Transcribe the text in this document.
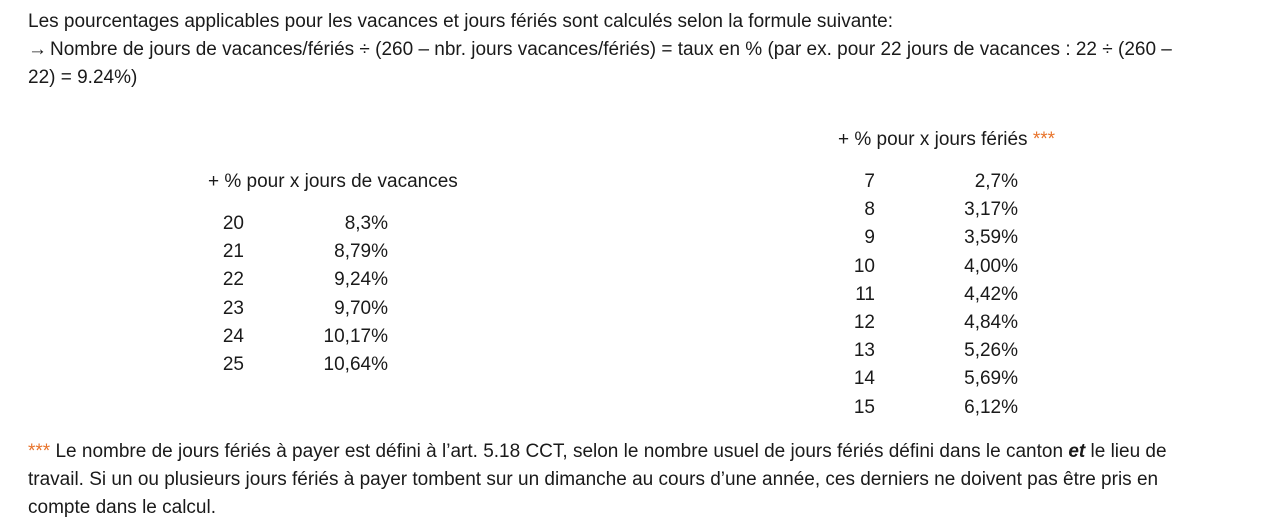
Les pourcentages applicables pour les vacances et jours fériés sont calculés selon la formule suivante:
→ Nombre de jours de vacances/fériés ÷ (260 – nbr. jours vacances/fériés) = taux en % (par ex. pour 22 jours de vacances : 22 ÷ (260 –
22) = 9.24%)
+ % pour x jours fériés ***
+ % pour x jours de vacances
20	8,3%
21	8,79%
22	9,24%
23	9,70%
24	10,17%
25	10,64%
7	2,7%
8	3,17%
9	3,59%
10	4,00%
11	4,42%
12	4,84%
13	5,26%
14	5,69%
15	6,12%
*** Le nombre de jours fériés à payer est défini à l’art. 5.18 CCT, selon le nombre usuel de jours fériés défini dans le canton et le lieu de
travail. Si un ou plusieurs jours fériés à payer tombent sur un dimanche au cours d’une année, ces derniers ne doivent pas être pris en
compte dans le calcul.
